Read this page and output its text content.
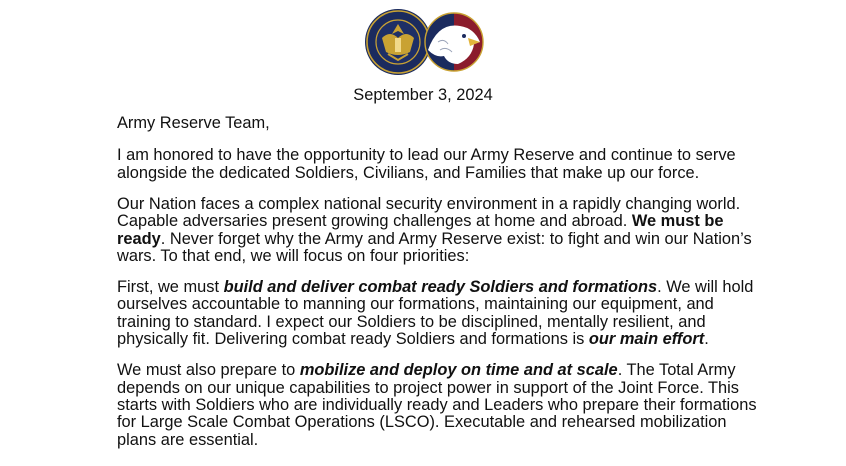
September 3, 2024

Army Reserve Team,

I am honored to have the opportunity to lead our Army Reserve and continue to serve alongside the dedicated Soldiers, Civilians, and Families that make up our force.

Our Nation faces a complex national security environment in a rapidly changing world. Capable adversaries present growing challenges at home and abroad. We must be ready. Never forget why the Army and Army Reserve exist: to fight and win our Nation’s wars. To that end, we will focus on four priorities:

First, we must build and deliver combat ready Soldiers and formations. We will hold ourselves accountable to manning our formations, maintaining our equipment, and training to standard. I expect our Soldiers to be disciplined, mentally resilient, and physically fit. Delivering combat ready Soldiers and formations is our main effort.

We must also prepare to mobilize and deploy on time and at scale. The Total Army depends on our unique capabilities to project power in support of the Joint Force. This starts with Soldiers who are individually ready and Leaders who prepare their formations for Large Scale Combat Operations (LSCO). Executable and rehearsed mobilization plans are essential.
